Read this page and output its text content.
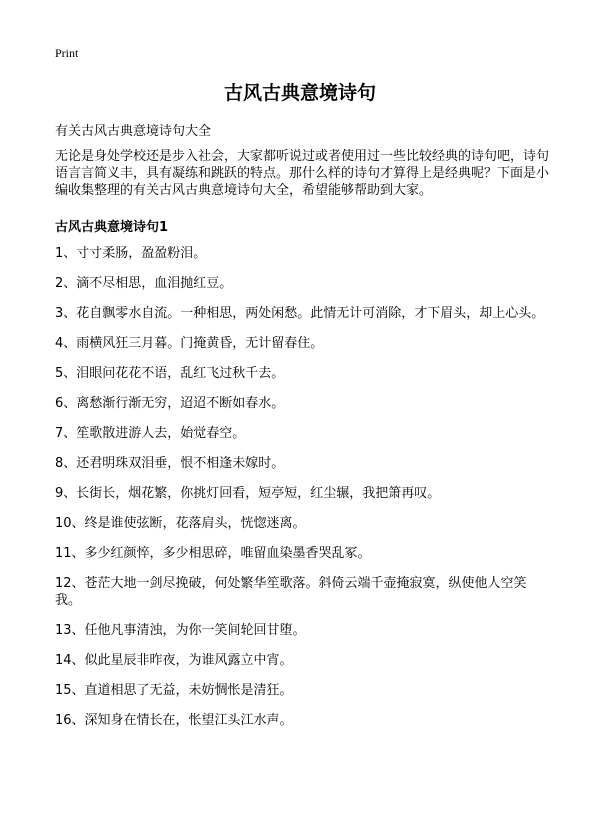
Print
古风古典意境诗句
有关古风古典意境诗句大全

无论是身处学校还是步入社会，大家都听说过或者使用过一些比较经典的诗句吧，诗句语言言简义丰，具有凝练和跳跃的特点。那什么样的诗句才算得上是经典呢？下面是小编收集整理的有关古风古典意境诗句大全，希望能够帮助到大家。

古风古典意境诗句1
1、寸寸柔肠，盈盈粉泪。
2、滴不尽相思，血泪抛红豆。
3、花自飘零水自流。一种相思，两处闲愁。此情无计可消除，才下眉头，却上心头。
4、雨横风狂三月暮。门掩黄昏，无计留春住。
5、泪眼问花花不语，乱红飞过秋千去。
6、离愁渐行渐无穷，迢迢不断如春水。
7、笙歌散进游人去，始觉春空。
8、还君明珠双泪垂，恨不相逢未嫁时。
9、长街长，烟花繁，你挑灯回看，短亭短，红尘辗，我把箫再叹。
10、终是谁使弦断，花落肩头，恍惚迷离。
11、多少红颜悴，多少相思碎，唯留血染墨香哭乱冢。
12、苍茫大地一剑尽挽破，何处繁华笙歌落。斜倚云端千壶掩寂寞，纵使他人空笑我。
13、任他凡事清浊，为你一笑间轮回甘堕。
14、似此星辰非昨夜，为谁风露立中宵。
15、直道相思了无益，未妨惆怅是清狂。
16、深知身在情长在，怅望江头江水声。
